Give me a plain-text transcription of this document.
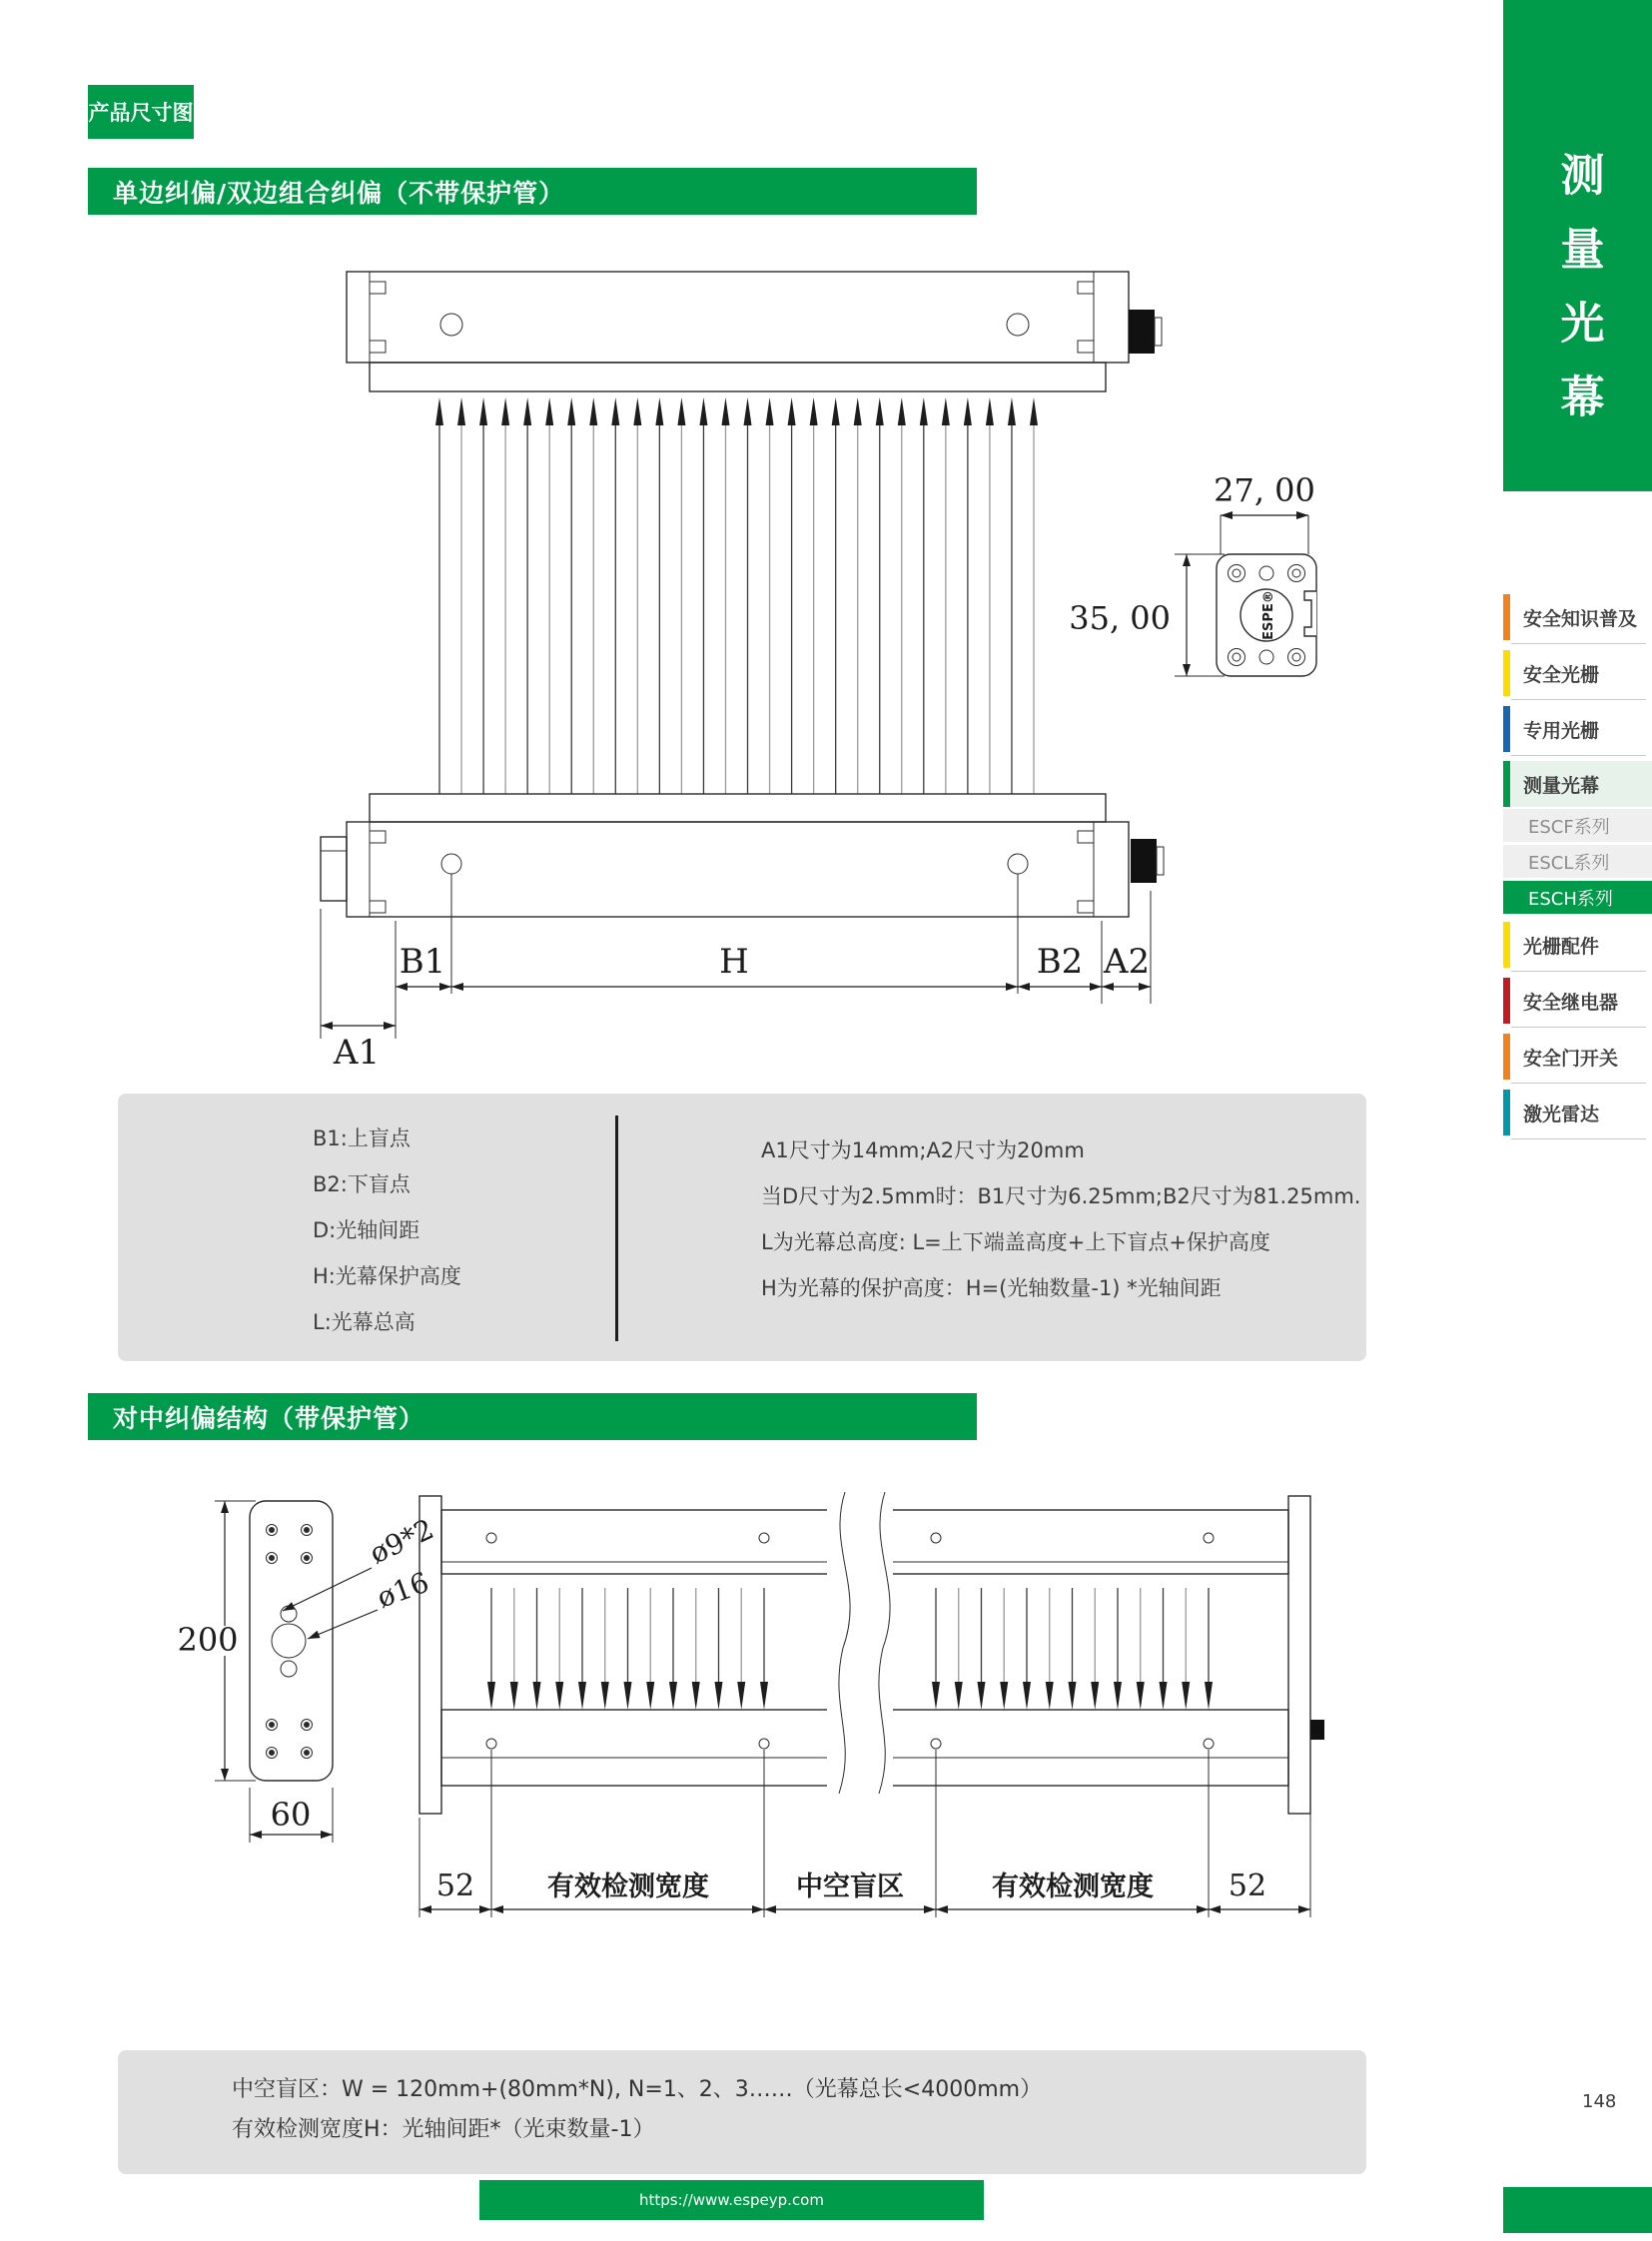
产品尺寸图
单边纠偏/双边组合纠偏（不带保护管）
B1	H	B2 A2
A1
27, 00
35, 00	ESPE®
B1:上盲点
B2:下盲点
D:光轴间距
H:光幕保护高度
L:光幕总高
A1尺寸为14mm;A2尺寸为20mm
当D尺寸为2.5mm时：B1尺寸为6.25mm;B2尺寸为81.25mm.
L为光幕总高度: L=上下端盖高度+上下盲点+保护高度
H为光幕的保护高度：H=(光轴数量-1) *光轴间距
对中纠偏结构（带保护管）
200
ø9*2
ø16
60
52	有效检测宽度	中空盲区	有效检测宽度 52
中空盲区：W = 120mm+(80mm*N), N=1、2、3……（光幕总长<4000mm）
有效检测宽度H：光轴间距*（光束数量-1）
测量光幕
安全知识普及
安全光栅
专用光栅
测量光幕
ESCF系列
ESCL系列
ESCH系列
光栅配件
安全继电器
安全门开关
激光雷达
https://www.espeyp.com
148
